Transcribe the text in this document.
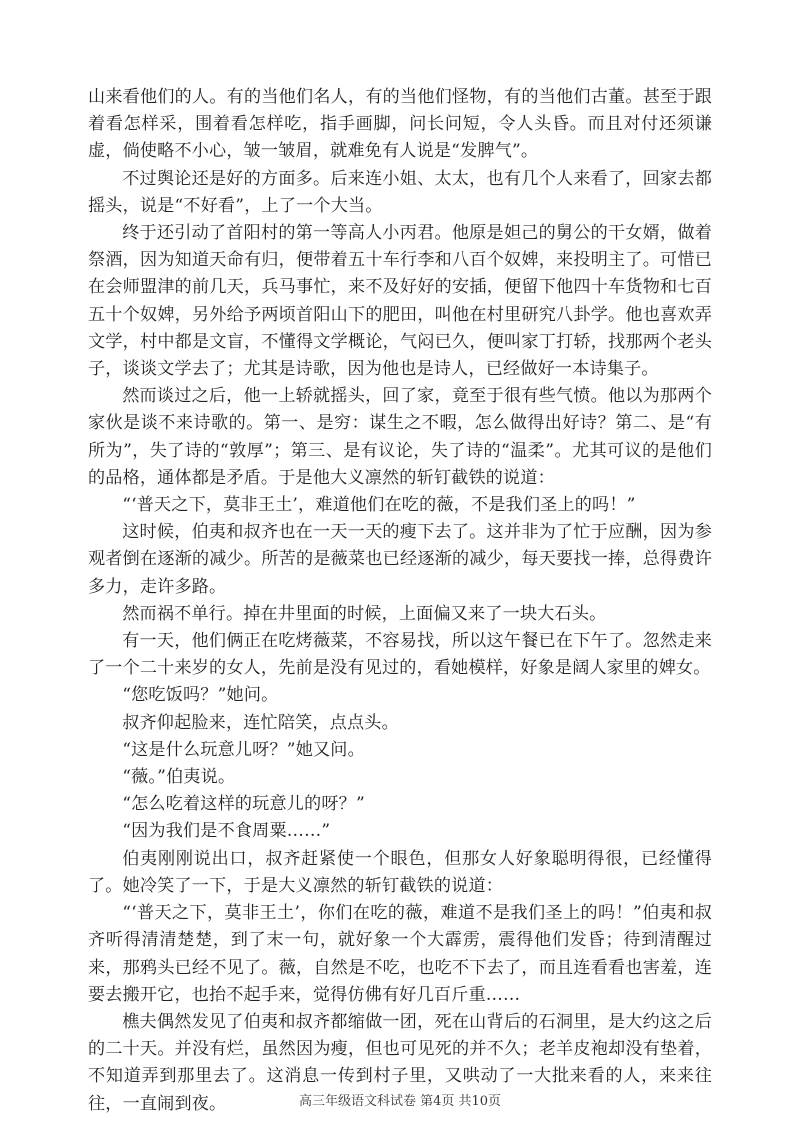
山来看他们的人。有的当他们名人，有的当他们怪物，有的当他们古董。甚至于跟着看怎样采，围着看怎样吃，指手画脚，问长问短，令人头昏。而且对付还须谦虚，倘使略不小心，皱一皱眉，就难免有人说是“发脾气”。

不过舆论还是好的方面多。后来连小姐、太太，也有几个人来看了，回家去都摇头，说是“不好看”，上了一个大当。

终于还引动了首阳村的第一等高人小丙君。他原是妲己的舅公的干女婿，做着祭酒，因为知道天命有归，便带着五十车行李和八百个奴婢，来投明主了。可惜已在会师盟津的前几天，兵马事忙，来不及好好的安插，便留下他四十车货物和七百五十个奴婢，另外给予两顷首阳山下的肥田，叫他在村里研究八卦学。他也喜欢弄文学，村中都是文盲，不懂得文学概论，气闷已久，便叫家丁打轿，找那两个老头子，谈谈文学去了；尤其是诗歌，因为他也是诗人，已经做好一本诗集子。

然而谈过之后，他一上轿就摇头，回了家，竟至于很有些气愤。他以为那两个家伙是谈不来诗歌的。第一、是穷：谋生之不暇，怎么做得出好诗？第二、是“有所为”，失了诗的“敦厚”；第三、是有议论，失了诗的“温柔”。尤其可议的是他们的品格，通体都是矛盾。于是他大义凛然的斩钉截铁的说道：

“‘普天之下，莫非王土’，难道他们在吃的薇，不是我们圣上的吗！”

这时候，伯夷和叔齐也在一天一天的瘦下去了。这并非为了忙于应酬，因为参观者倒在逐渐的减少。所苦的是薇菜也已经逐渐的减少，每天要找一捧，总得费许多力，走许多路。

然而祸不单行。掉在井里面的时候，上面偏又来了一块大石头。

有一天，他们俩正在吃烤薇菜，不容易找，所以这午餐已在下午了。忽然走来了一个二十来岁的女人，先前是没有见过的，看她模样，好象是阔人家里的婢女。

“您吃饭吗？”她问。

叔齐仰起脸来，连忙陪笑，点点头。

“这是什么玩意儿呀？”她又问。

“薇。”伯夷说。

“怎么吃着这样的玩意儿的呀？”

“因为我们是不食周粟……”

伯夷刚刚说出口，叔齐赶紧使一个眼色，但那女人好象聪明得很，已经懂得了。她冷笑了一下，于是大义凛然的斩钉截铁的说道：

“‘普天之下，莫非王土’，你们在吃的薇，难道不是我们圣上的吗！”伯夷和叔齐听得清清楚楚，到了末一句，就好象一个大霹雳，震得他们发昏；待到清醒过来，那鸦头已经不见了。薇，自然是不吃，也吃不下去了，而且连看看也害羞，连要去搬开它，也抬不起手来，觉得仿佛有好几百斤重……

樵夫偶然发见了伯夷和叔齐都缩做一团，死在山背后的石洞里，是大约这之后的二十天。并没有烂，虽然因为瘦，但也可见死的并不久；老羊皮袍却没有垫着，不知道弄到那里去了。这消息一传到村子里，又哄动了一大批来看的人，来来往往，一直闹到夜。	高三年级语文科试卷 第4页 共10页
